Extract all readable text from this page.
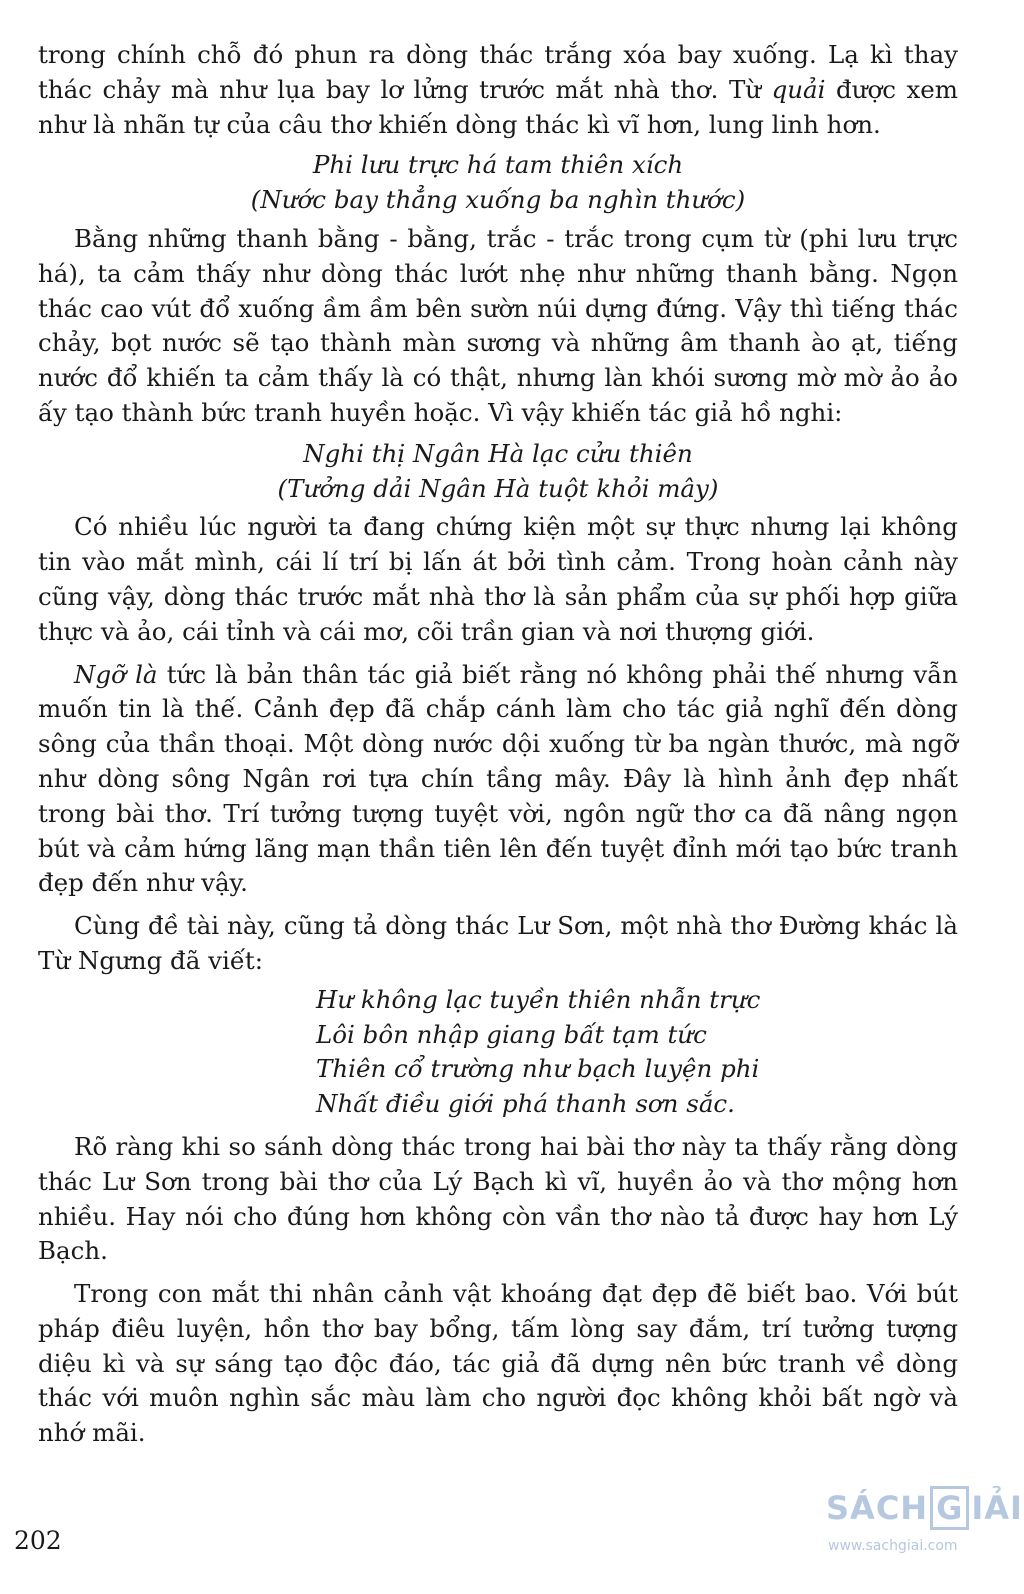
trong chính chỗ đó phun ra dòng thác trắng xóa bay xuống. Lạ kì thay thác chảy mà như lụa bay lơ lửng trước mắt nhà thơ. Từ quải được xem như là nhãn tự của câu thơ khiến dòng thác kì vĩ hơn, lung linh hơn.

Phi lưu trực há tam thiên xích
(Nước bay thẳng xuống ba nghìn thước)

Bằng những thanh bằng - bằng, trắc - trắc trong cụm từ (phi lưu trực há), ta cảm thấy như dòng thác lướt nhẹ như những thanh bằng. Ngọn thác cao vút đổ xuống ầm ầm bên sườn núi dựng đứng. Vậy thì tiếng thác chảy, bọt nước sẽ tạo thành màn sương và những âm thanh ào ạt, tiếng nước đổ khiến ta cảm thấy là có thật, nhưng làn khói sương mờ mờ ảo ảo ấy tạo thành bức tranh huyền hoặc. Vì vậy khiến tác giả hồ nghi:

Nghi thị Ngân Hà lạc cửu thiên
(Tưởng dải Ngân Hà tuột khỏi mây)

Có nhiều lúc người ta đang chứng kiện một sự thực nhưng lại không tin vào mắt mình, cái lí trí bị lấn át bởi tình cảm. Trong hoàn cảnh này cũng vậy, dòng thác trước mắt nhà thơ là sản phẩm của sự phối hợp giữa thực và ảo, cái tỉnh và cái mơ, cõi trần gian và nơi thượng giới.

Ngỡ là tức là bản thân tác giả biết rằng nó không phải thế nhưng vẫn muốn tin là thế. Cảnh đẹp đã chắp cánh làm cho tác giả nghĩ đến dòng sông của thần thoại. Một dòng nước dội xuống từ ba ngàn thước, mà ngỡ như dòng sông Ngân rơi tựa chín tầng mây. Đây là hình ảnh đẹp nhất trong bài thơ. Trí tưởng tượng tuyệt vời, ngôn ngữ thơ ca đã nâng ngọn bút và cảm hứng lãng mạn thần tiên lên đến tuyệt đỉnh mới tạo bức tranh đẹp đến như vậy.

Cùng đề tài này, cũng tả dòng thác Lư Sơn, một nhà thơ Đường khác là Từ Ngưng đã viết:

Hư không lạc tuyền thiên nhẫn trực
Lôi bôn nhập giang bất tạm tức
Thiên cổ trường như bạch luyện phi
Nhất điều giới phá thanh sơn sắc.

Rõ ràng khi so sánh dòng thác trong hai bài thơ này ta thấy rằng dòng thác Lư Sơn trong bài thơ của Lý Bạch kì vĩ, huyền ảo và thơ mộng hơn nhiều. Hay nói cho đúng hơn không còn vần thơ nào tả được hay hơn Lý Bạch.

Trong con mắt thi nhân cảnh vật khoáng đạt đẹp đẽ biết bao. Với bút pháp điêu luyện, hồn thơ bay bổng, tấm lòng say đắm, trí tưởng tượng diệu kì và sự sáng tạo độc đáo, tác giả đã dựng nên bức tranh về dòng thác với muôn nghìn sắc màu làm cho người đọc không khỏi bất ngờ và nhớ mãi.

202
SÁCH G IẢI
www.sachgiai.com
